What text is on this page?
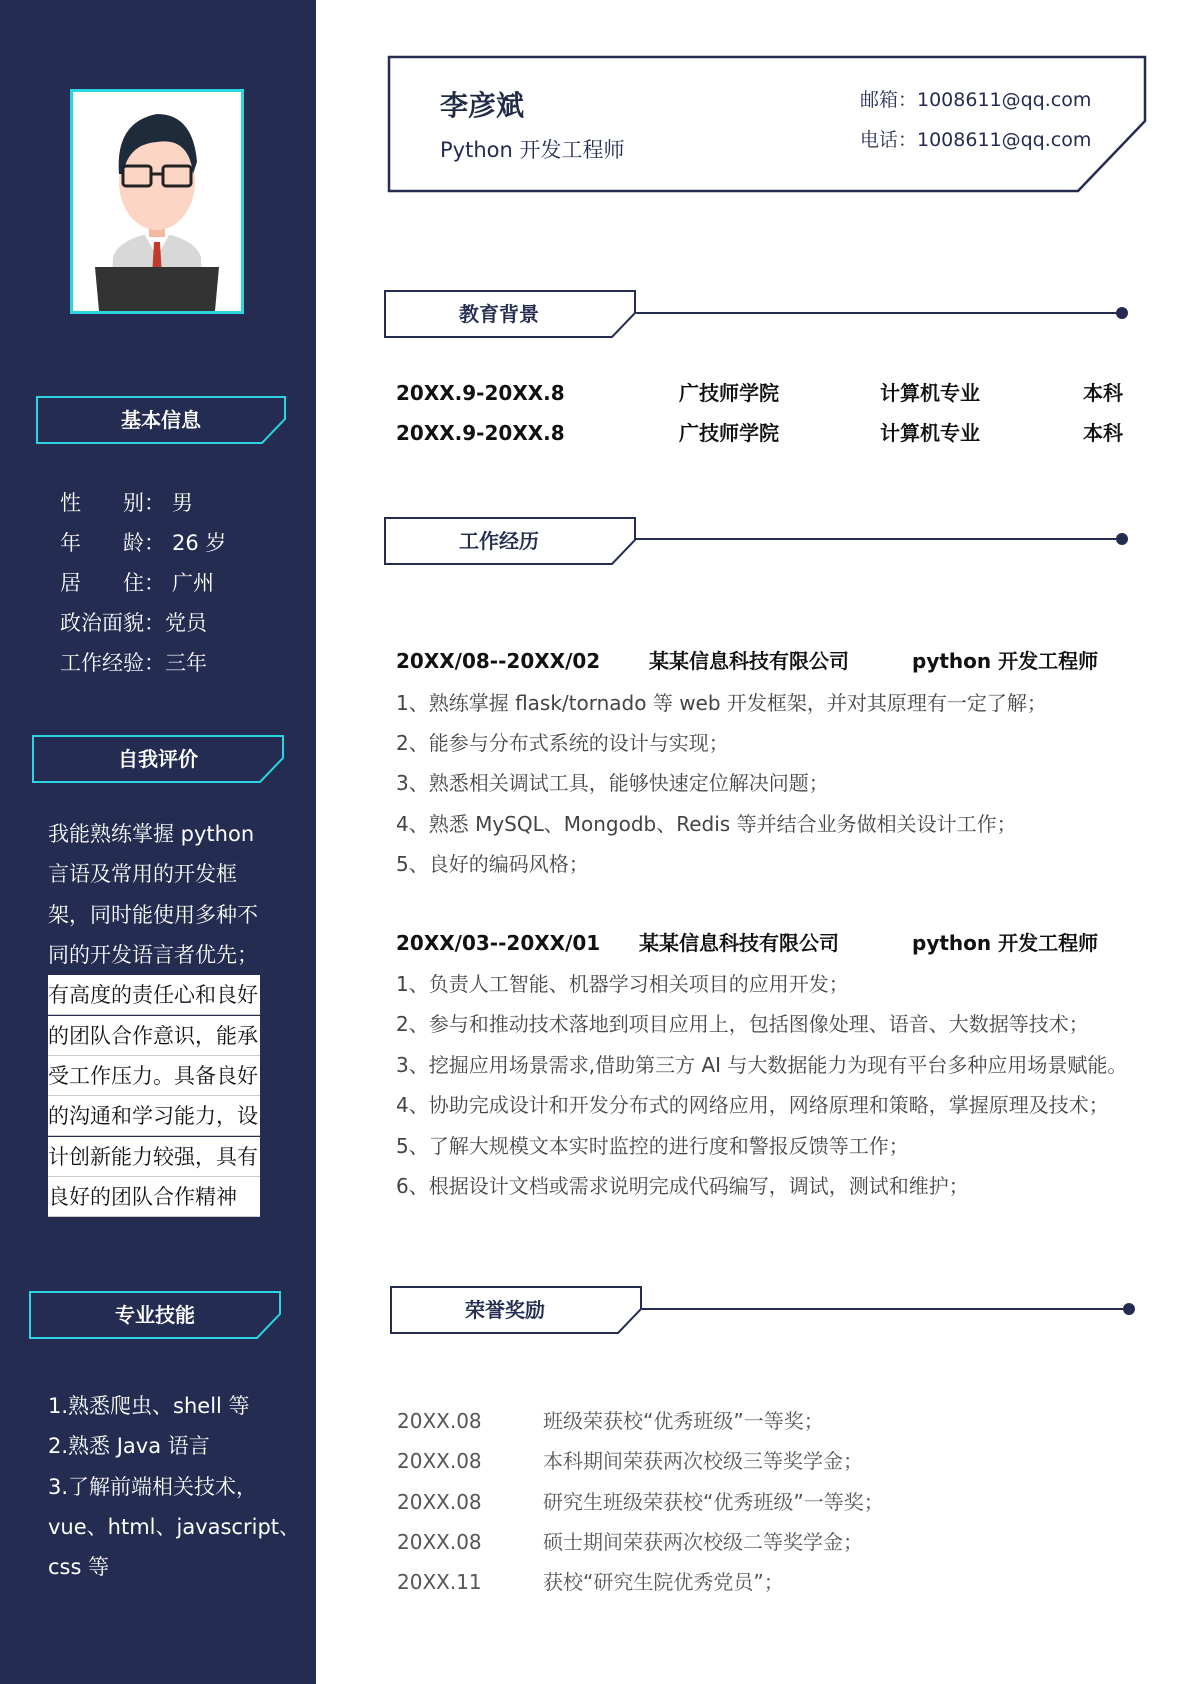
基本信息
性　　别： 男
年　　龄： 26 岁
居　　住： 广州
政治面貌：党员
工作经验：三年
自我评价
我能熟练掌握 python
言语及常用的开发框
架，同时能使用多种不
同的开发语言者优先；
有高度的责任心和良好
的团队合作意识，能承
受工作压力。具备良好
的沟通和学习能力，设
计创新能力较强，具有
良好的团队合作精神
专业技能
1.熟悉爬虫、shell 等
2.熟悉 Java 语言
3.了解前端相关技术，
vue、html、javascript、
css 等
李彦斌
Python 开发工程师
邮箱：1008611@qq.com
电话：1008611@qq.com
教育背景
20XX.9-20XX.8	广技师学院	计算机专业	本科
20XX.9-20XX.8	广技师学院	计算机专业	本科
工作经历
20XX/08--20XX/02 某某信息科技有限公司	python 开发工程师
1、熟练掌握 flask/tornado 等 web 开发框架，并对其原理有一定了解；
2、能参与分布式系统的设计与实现；
3、熟悉相关调试工具，能够快速定位解决问题；
4、熟悉 MySQL、Mongodb、Redis 等并结合业务做相关设计工作；
5、良好的编码风格；
20XX/03--20XX/01 某某信息科技有限公司	python 开发工程师
1、负责人工智能、机器学习相关项目的应用开发；
2、参与和推动技术落地到项目应用上，包括图像处理、语音、大数据等技术；
3、挖掘应用场景需求,借助第三方 AI 与大数据能力为现有平台多种应用场景赋能。
4、协助完成设计和开发分布式的网络应用，网络原理和策略，掌握原理及技术；
5、了解大规模文本实时监控的进行度和警报反馈等工作；
6、根据设计文档或需求说明完成代码编写，调试，测试和维护；
荣誉奖励
20XX.08	班级荣获校“优秀班级”一等奖；
20XX.08	本科期间荣获两次校级三等奖学金；
20XX.08	研究生班级荣获校“优秀班级”一等奖；
20XX.08	硕士期间荣获两次校级二等奖学金；
20XX.11	获校“研究生院优秀党员”；
